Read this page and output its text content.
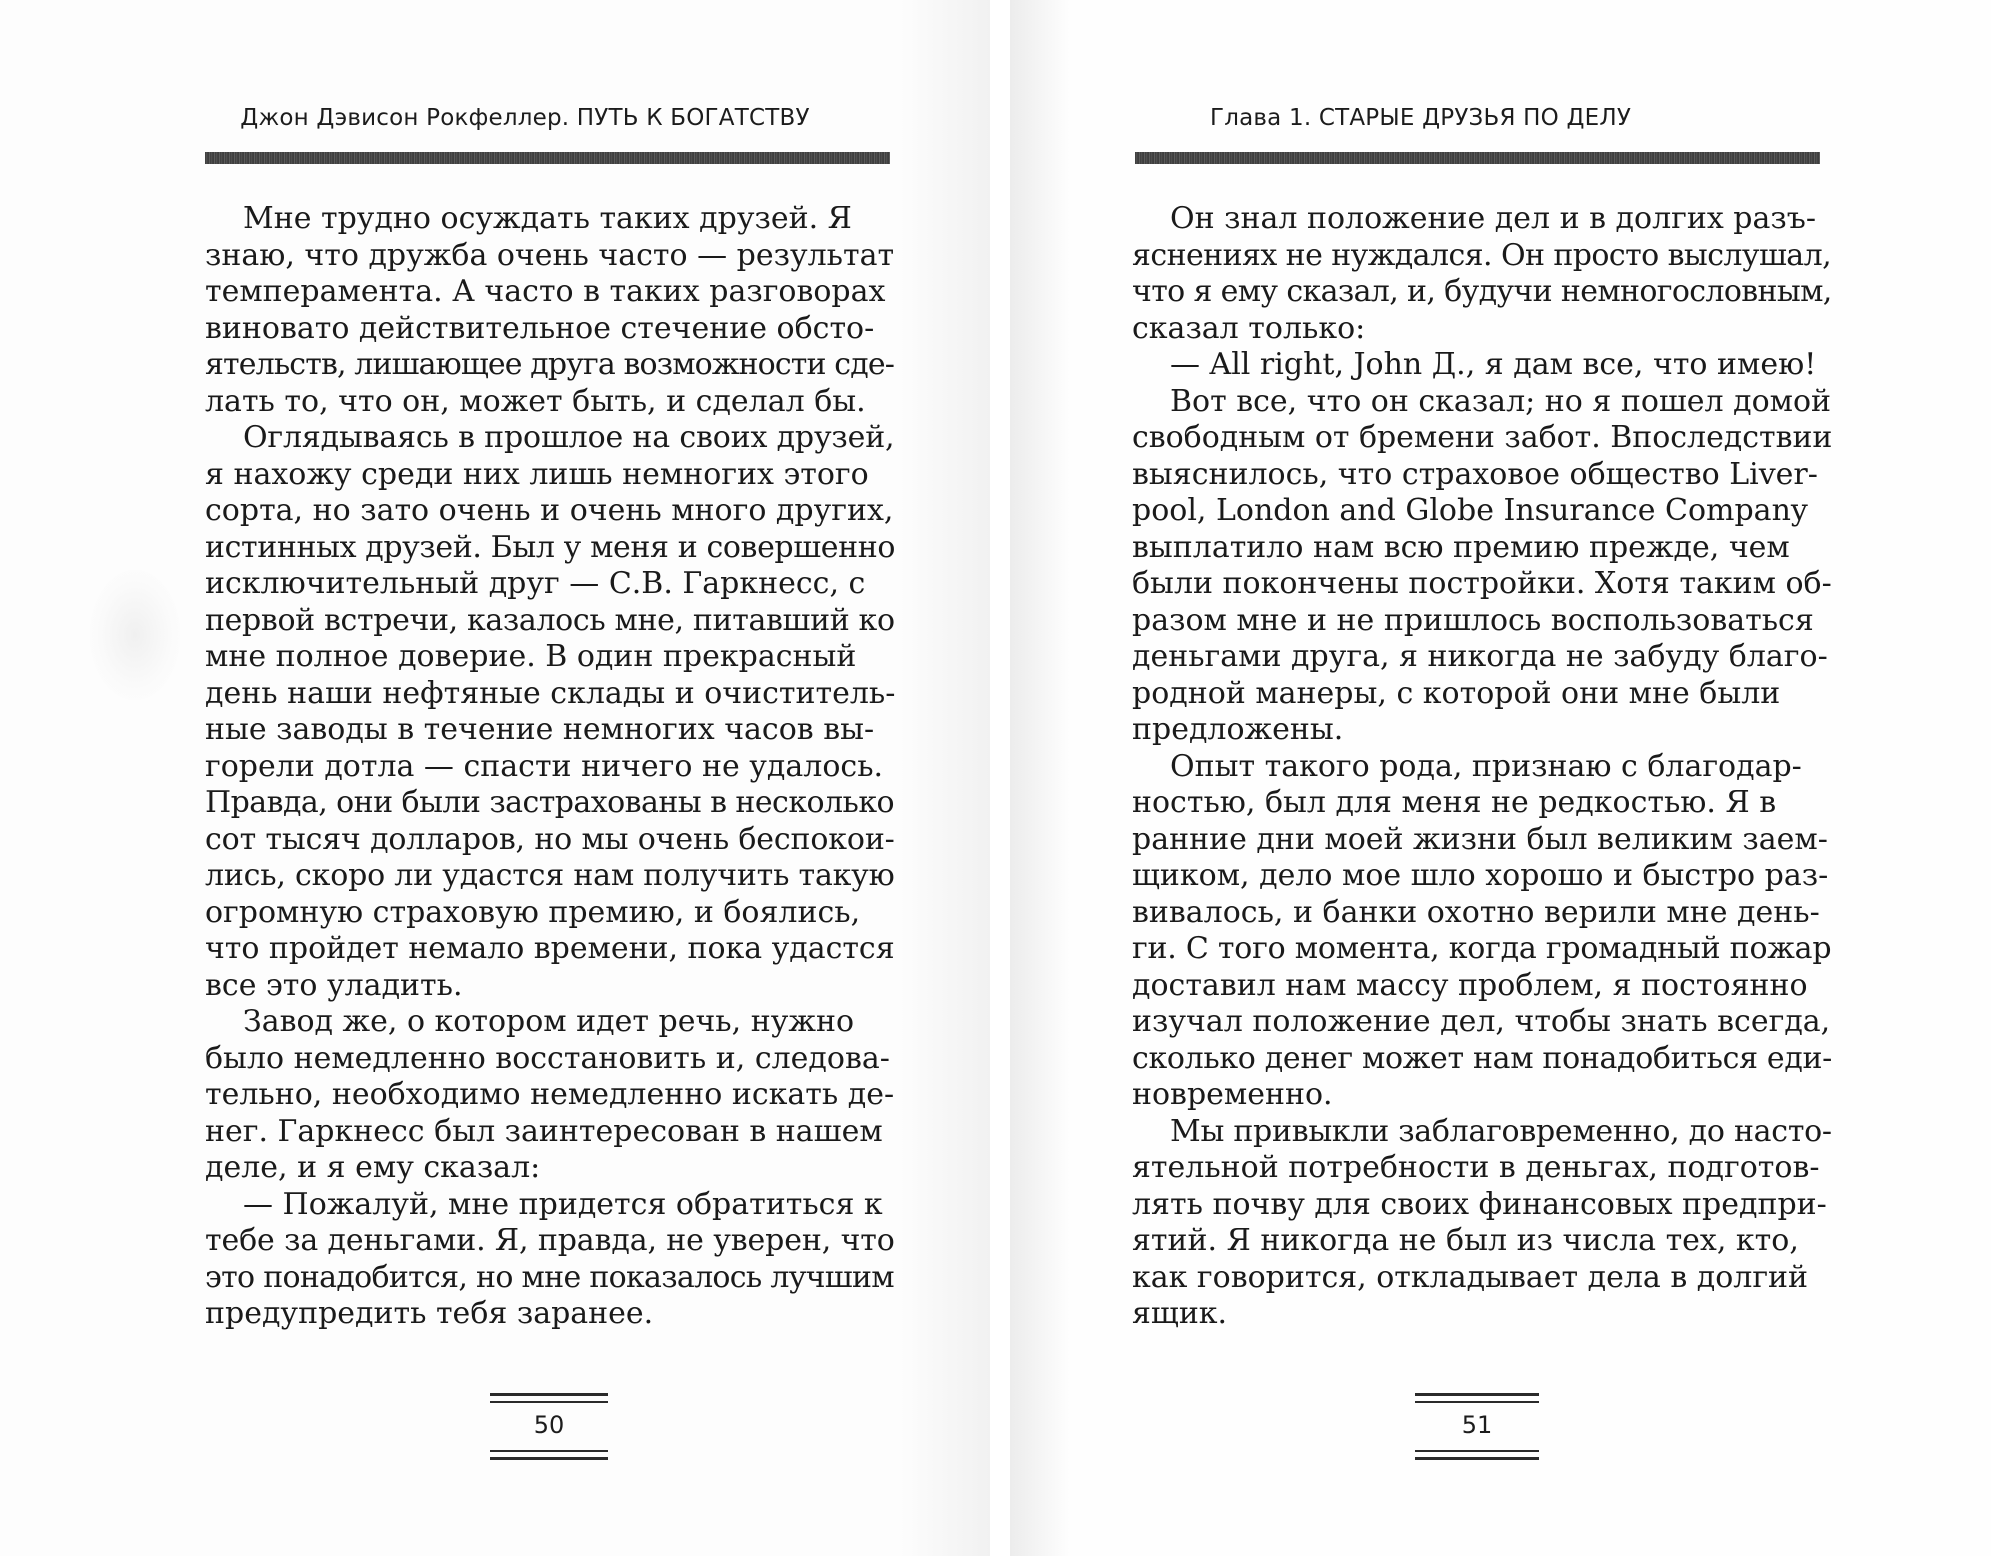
Джон Дэвисон Рокфеллер. ПУТЬ К БОГАТСТВУ
Мне трудно осуждать таких друзей. Я
знаю, что дружба очень часто — результат
темперамента. А часто в таких разговорах
виновато действительное стечение обсто-
ятельств, лишающее друга возможности сде-
лать то, что он, может быть, и сделал бы.
Оглядываясь в прошлое на своих друзей,
я нахожу среди них лишь немногих этого
сорта, но зато очень и очень много других,
истинных друзей. Был у меня и совершенно
исключительный друг — С.В. Гаркнесс, с
первой встречи, казалось мне, питавший ко
мне полное доверие. В один прекрасный
день наши нефтяные склады и очиститель-
ные заводы в течение немногих часов вы-
горели дотла — спасти ничего не удалось.
Правда, они были застрахованы в несколько
сот тысяч долларов, но мы очень беспокои-
лись, скоро ли удастся нам получить такую
огромную страховую премию, и боялись,
что пройдет немало времени, пока удастся
все это уладить.
Завод же, о котором идет речь, нужно
было немедленно восстановить и, следова-
тельно, необходимо немедленно искать де-
нег. Гаркнесс был заинтересован в нашем
деле, и я ему сказал:
— Пожалуй, мне придется обратиться к
тебе за деньгами. Я, правда, не уверен, что
это понадобится, но мне показалось лучшим
предупредить тебя заранее.
50
Глава 1. СТАРЫЕ ДРУЗЬЯ ПО ДЕЛУ
Он знал положение дел и в долгих разъ-
яснениях не нуждался. Он просто выслушал,
что я ему сказал, и, будучи немногословным,
сказал только:
— All right, John Д., я дам все, что имею!
Вот все, что он сказал; но я пошел домой
свободным от бремени забот. Впоследствии
выяснилось, что страховое общество Liver-
pool, London and Globe Insurance Company
выплатило нам всю премию прежде, чем
были покончены постройки. Хотя таким об-
разом мне и не пришлось воспользоваться
деньгами друга, я никогда не забуду благо-
родной манеры, с которой они мне были
предложены.
Опыт такого рода, признаю с благодар-
ностью, был для меня не редкостью. Я в
ранние дни моей жизни был великим заем-
щиком, дело мое шло хорошо и быстро раз-
вивалось, и банки охотно верили мне день-
ги. С того момента, когда громадный пожар
доставил нам массу проблем, я постоянно
изучал положение дел, чтобы знать всегда,
сколько денег может нам понадобиться еди-
новременно.
Мы привыкли заблаговременно, до насто-
ятельной потребности в деньгах, подготов-
лять почву для своих финансовых предпри-
ятий. Я никогда не был из числа тех, кто,
как говорится, откладывает дела в долгий
ящик.
51
